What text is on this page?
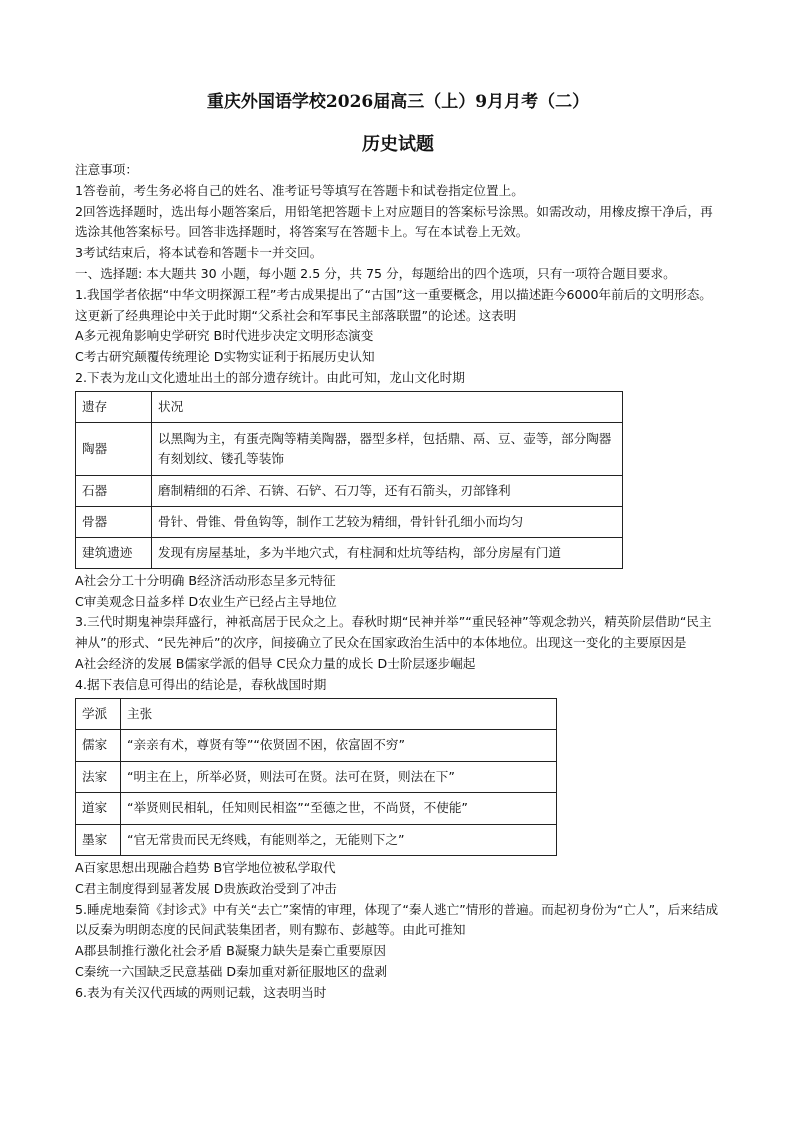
重庆外国语学校2026届高三（上）9月月考（二）
历史试题

注意事项：

1答卷前，考生务必将自己的姓名、准考证号等填写在答题卡和试卷指定位置上。

2回答选择题时，选出每小题答案后，用铅笔把答题卡上对应题目的答案标号涂黑。如需改动，用橡皮擦干净后，再选涂其他答案标号。回答非选择题时，将答案写在答题卡上。写在本试卷上无效。

3考试结束后，将本试卷和答题卡一并交回。

一、选择题: 本大题共 30 小题，每小题 2.5 分，共 75 分，每题给出的四个选项，只有一项符合题目要求。

1.我国学者依据“中华文明探源工程”考古成果提出了“古国”这一重要概念，用以描述距今6000年前后的文明形态。这更新了经典理论中关于此时期“父系社会和军事民主部落联盟”的论述。这表明

A多元视角影响史学研究 B时代进步决定文明形态演变

C考古研究颠覆传统理论 D实物实证利于拓展历史认知

2.下表为龙山文化遗址出土的部分遗存统计。由此可知，龙山文化时期

遗存	状况
陶器	以黑陶为主，有蛋壳陶等精美陶器，器型多样，包括鼎、鬲、豆、壶等，部分陶器有刻划纹、镂孔等装饰
石器	磨制精细的石斧、石锛、石铲、石刀等，还有石箭头，刃部锋利
骨器	骨针、骨锥、骨鱼钩等，制作工艺较为精细，骨针针孔细小而均匀
建筑遗迹	发现有房屋基址，多为半地穴式，有柱洞和灶坑等结构，部分房屋有门道

A社会分工十分明确 B经济活动形态呈多元特征

C审美观念日益多样 D农业生产已经占主导地位

3.三代时期鬼神崇拜盛行，神祇高居于民众之上。春秋时期“民神并举”“重民轻神”等观念勃兴，精英阶层借助“民主神从”的形式、“民先神后”的次序，间接确立了民众在国家政治生活中的本体地位。出现这一变化的主要原因是

A社会经济的发展 B儒家学派的倡导 C民众力量的成长 D士阶层逐步崛起

4.据下表信息可得出的结论是，春秋战国时期

学派	主张
儒家	“亲亲有术，尊贤有等”“依贤固不困，依富固不穷”
法家	“明主在上，所举必贤，则法可在贤。法可在贤，则法在下”
道家	“举贤则民相轧，任知则民相盗”“至德之世，不尚贤，不使能”
墨家	“官无常贵而民无终贱，有能则举之，无能则下之”

A百家思想出现融合趋势 B官学地位被私学取代

C君主制度得到显著发展 D贵族政治受到了冲击

5.睡虎地秦简《封诊式》中有关“去亡”案情的审理，体现了“秦人逃亡”情形的普遍。而起初身份为“亡人”，后来结成以反秦为明朗态度的民间武装集团者，则有黥布、彭越等。由此可推知

A郡县制推行激化社会矛盾 B凝聚力缺失是秦亡重要原因

C秦统一六国缺乏民意基础 D秦加重对新征服地区的盘剥

6.表为有关汉代西域的两则记载，这表明当时
